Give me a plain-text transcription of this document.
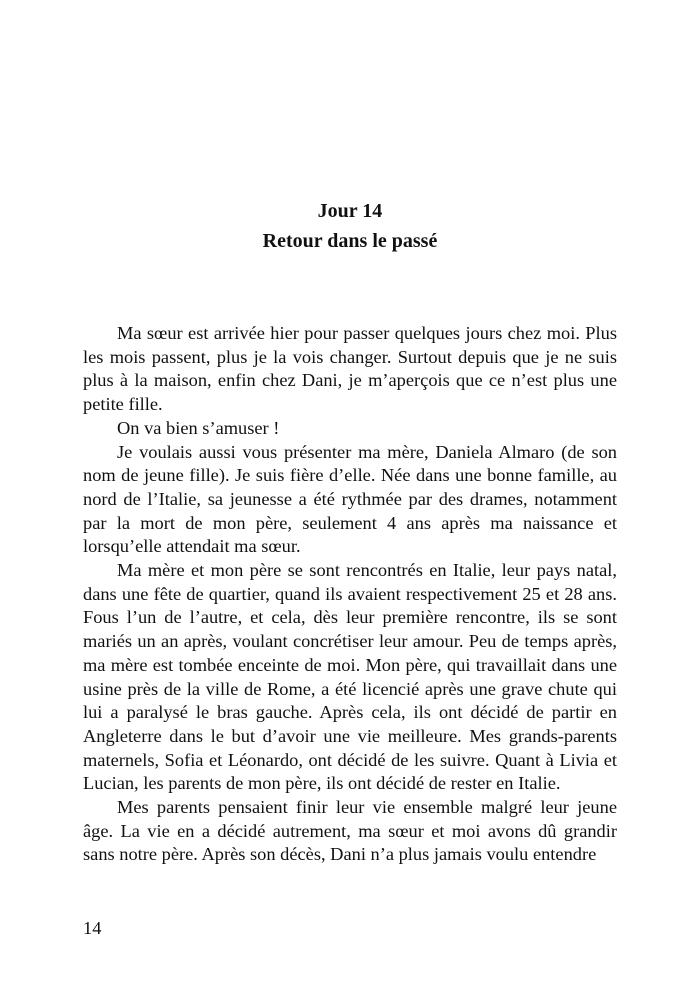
Jour 14
Retour dans le passé

Ma sœur est arrivée hier pour passer quelques jours chez moi. Plus les mois passent, plus je la vois changer. Surtout depuis que je ne suis plus à la maison, enfin chez Dani, je m’aperçois que ce n’est plus une petite fille.

On va bien s’amuser !

Je voulais aussi vous présenter ma mère, Daniela Almaro (de son nom de jeune fille). Je suis fière d’elle. Née dans une bonne famille, au nord de l’Italie, sa jeunesse a été rythmée par des drames, notamment par la mort de mon père, seulement 4 ans après ma naissance et lorsqu’elle attendait ma sœur.

Ma mère et mon père se sont rencontrés en Italie, leur pays natal, dans une fête de quartier, quand ils avaient respectivement 25 et 28 ans. Fous l’un de l’autre, et cela, dès leur première rencontre, ils se sont mariés un an après, voulant concrétiser leur amour. Peu de temps après, ma mère est tombée enceinte de moi. Mon père, qui travaillait dans une usine près de la ville de Rome, a été licencié après une grave chute qui lui a paralysé le bras gauche. Après cela, ils ont décidé de partir en Angleterre dans le but d’avoir une vie meilleure. Mes grands-parents maternels, Sofia et Léonardo, ont décidé de les suivre. Quant à Livia et Lucian, les parents de mon père, ils ont décidé de rester en Italie.

Mes parents pensaient finir leur vie ensemble malgré leur jeune âge. La vie en a décidé autrement, ma sœur et moi avons dû grandir sans notre père. Après son décès, Dani n’a plus jamais voulu entendre

14
